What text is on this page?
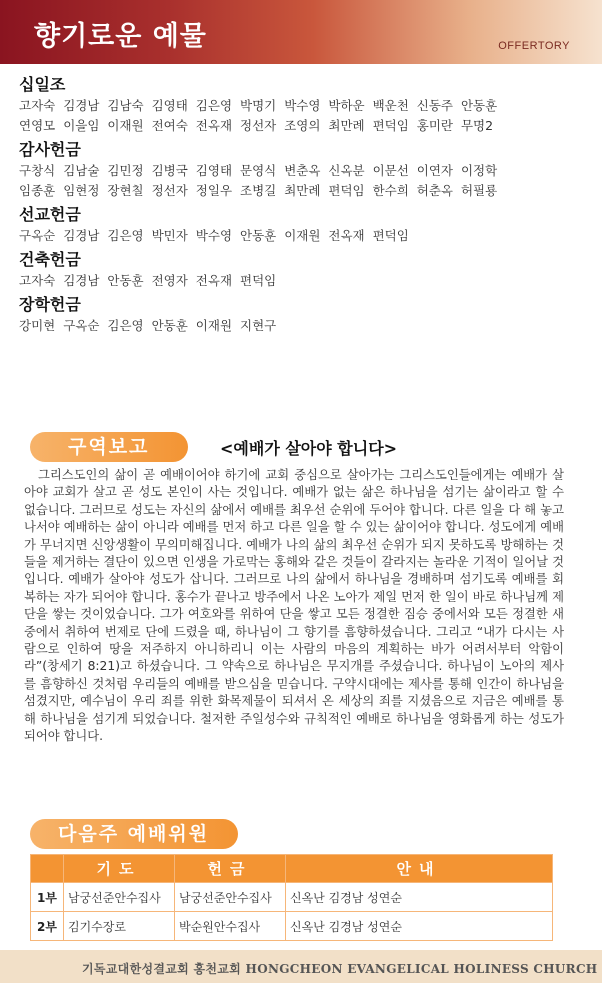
향기로운 예물	OFFERTORY

십일조

고자숙 김경남 김남숙 김영태 김은영 박명기 박수영 박하운 백운천 신동주 안동훈
연영모 이을임 이재원 전여숙 전옥재 정선자 조영의 최만례 편덕임 홍미란 무명2

감사헌금

구창식 김남술 김민정 김병국 김영태 문영식 변춘옥 신옥분 이문선 이연자 이정학
임종훈 임현정 장현칠 정선자 정일우 조병길 최만례 편덕임 한수희 허춘옥 허필룡

선교헌금

구옥순 김경남 김은영 박민자 박수영 안동훈 이재원 전옥재 편덕임

건축헌금

고자숙 김경남 안동훈 전영자 전옥재 편덕임

장학헌금

강미현 구옥순 김은영 안동훈 이재원 지현구

구역보고	<예배가 살아야 합니다>

그리스도인의 삶이 곧 예배이어야 하기에 교회 중심으로 살아가는 그리스도인들에게는 예배가 살아야 교회가 살고 곧 성도 본인이 사는 것입니다. 예배가 없는 삶은 하나님을 섬기는 삶이라고 할 수 없습니다. 그러므로 성도는 자신의 삶에서 예배를 최우선 순위에 두어야 합니다. 다른 일을 다 해 놓고 나서야 예배하는 삶이 아니라 예배를 먼저 하고 다른 일을 할 수 있는 삶이어야 합니다. 성도에게 예배가 무너지면 신앙생활이 무의미해집니다. 예배가 나의 삶의 최우선 순위가 되지 못하도록 방해하는 것들을 제거하는 결단이 있으면 인생을 가로막는 홍해와 같은 것들이 갈라지는 놀라운 기적이 일어날 것입니다. 예배가 살아야 성도가 삽니다. 그러므로 나의 삶에서 하나님을 경배하며 섬기도록 예배를 회복하는 자가 되어야 합니다. 홍수가 끝나고 방주에서 나온 노아가 제일 먼저 한 일이 바로 하나님께 제단을 쌓는 것이었습니다. 그가 여호와를 위하여 단을 쌓고 모든 정결한 짐승 중에서와 모든 정결한 새 중에서 취하여 번제로 단에 드렸을 때, 하나님이 그 향기를 흠향하셨습니다. 그리고 “내가 다시는 사람으로 인하여 땅을 저주하지 아니하리니 이는 사람의 마음의 계획하는 바가 어려서부터 악함이라”(창세기 8:21)고 하셨습니다. 그 약속으로 하나님은 무지개를 주셨습니다. 하나님이 노아의 제사를 흠향하신 것처럼 우리들의 예배를 받으심을 믿습니다. 구약시대에는 제사를 통해 인간이 하나님을 섬겼지만, 예수님이 우리 죄를 위한 화목제물이 되셔서 온 세상의 죄를 지셨음으로 지금은 예배를 통해 하나님을 섬기게 되었습니다. 철저한 주일성수와 규칙적인 예배로 하나님을 영화롭게 하는 성도가 되어야 합니다.

다음주 예배위원
	기도	헌금	안내
1부	남궁선준안수집사	남궁선준안수집사	신옥난 김경남 성연순
2부	김기수장로	박순원안수집사	신옥난 김경남 성연순
기독교대한성결교회 홍천교회 HONGCHEON EVANGELICAL HOLINESS CHURCH
